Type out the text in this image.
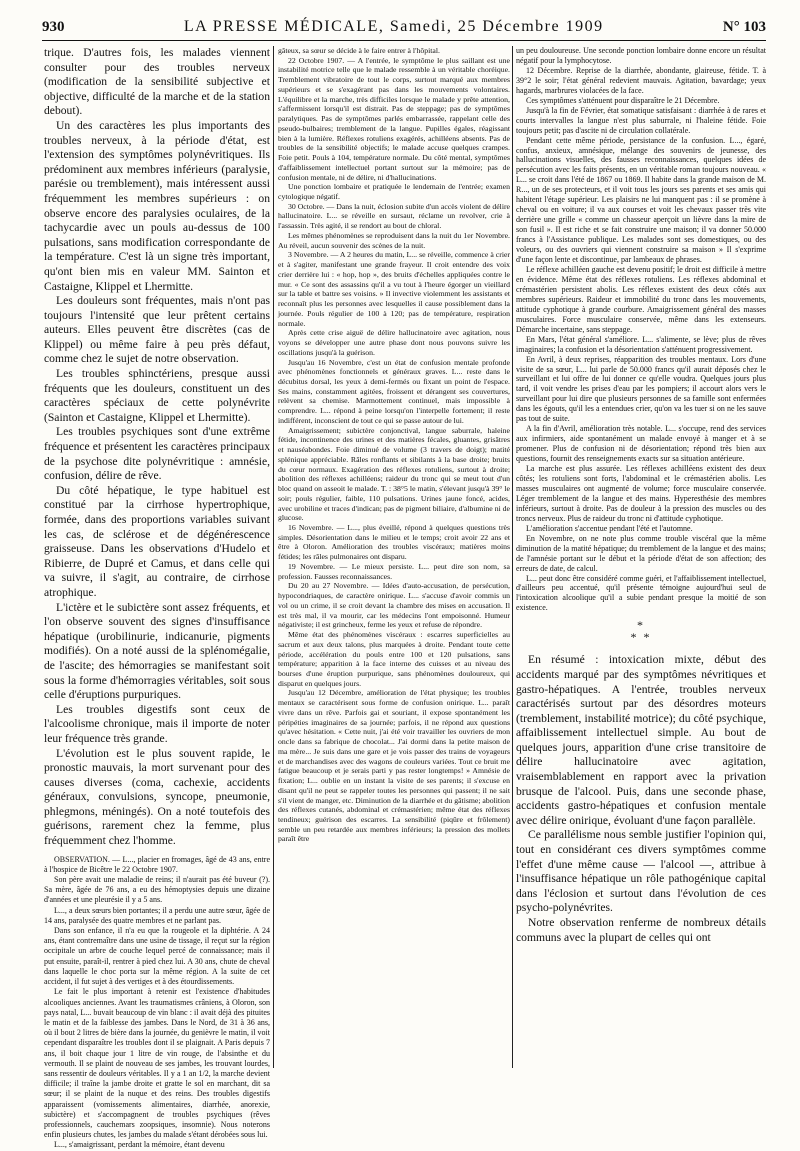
930	LA PRESSE MÉDICALE, Samedi, 25 Décembre 1909	N° 103

trique. D'autres fois, les malades viennent consulter pour des troubles nerveux (modification de la sensibilité subjective et objective, difficulté de la marche et de la station debout).

Un des caractères les plus importants des troubles nerveux, à la période d'état, est l'extension des symptômes polynévritiques. Ils prédominent aux membres inférieurs (paralysie, parésie ou tremblement), mais intéressent aussi fréquemment les membres supérieurs : on observe encore des paralysies oculaires, de la tachycardie avec un pouls au-dessus de 100 pulsations, sans modification correspondante de la température. C'est là un signe très important, qu'ont bien mis en valeur MM. Sainton et Castaigne, Klippel et Lhermitte.

Les douleurs sont fréquentes, mais n'ont pas toujours l'intensité que leur prêtent certains auteurs. Elles peuvent être discrètes (cas de Klippel) ou même faire à peu près défaut, comme chez le sujet de notre observation.

Les troubles sphinctériens, presque aussi fréquents que les douleurs, constituent un des caractères spéciaux de cette polynévrite (Sainton et Castaigne, Klippel et Lhermitte).

Les troubles psychiques sont d'une extrême fréquence et présentent les caractères principaux de la psychose dite polynévritique : amnésie, confusion, délire de rêve.

Du côté hépatique, le type habituel est constitué par la cirrhose hypertrophique, formée, dans des proportions variables suivant les cas, de sclérose et de dégénérescence graisseuse. Dans les observations d'Hudelo et Ribierre, de Dupré et Camus, et dans celle qui va suivre, il s'agit, au contraire, de cirrhose atrophique.

L'ictère et le subictère sont assez fréquents, et l'on observe souvent des signes d'insuffisance hépatique (urobilinurie, indicanurie, pigments modifiés). On a noté aussi de la splénomégalie, de l'ascite; des hémorragies se manifestant soit sous la forme d'hémorragies véritables, soit sous celle d'éruptions purpuriques.

Les troubles digestifs sont ceux de l'alcoolisme chronique, mais il importe de noter leur fréquence très grande.

L'évolution est le plus souvent rapide, le pronostic mauvais, la mort survenant pour des causes diverses (coma, cachexie, accidents généraux, convulsions, syncope, pneumonie, phlegmons, méningés). On a noté toutefois des guérisons, rarement chez la femme, plus fréquemment chez l'homme.

OBSERVATION. — L..., placier en fromages, âgé de 43 ans, entre à l'hospice de Bicêtre le 22 Octobre 1907.

Son père avait une maladie de reins; il n'aurait pas été buveur (?). Sa mère, âgée de 76 ans, a eu des hémoptysies depuis une dizaine d'années et une pleurésie il y a 5 ans.

L..., a deux sœurs bien portantes; il a perdu une autre sœur, âgée de 14 ans, paralysée des quatre membres et ne parlant pas.

Dans son enfance, il n'a eu que la rougeole et la diphtérie. A 24 ans, étant contremaître dans une usine de tissage, il reçut sur la région occipitale un arbre de couche lequel percé de connaissance; mais il put ensuite, paraît-il, rentrer à pied chez lui. A 30 ans, chute de cheval dans laquelle le choc porta sur la même région. A la suite de cet accident, il fut sujet à des vertiges et à des étourdissements.

Le fait le plus important à retenir est l'existence d'habitudes alcooliques anciennes. Avant les traumatismes crâniens, à Oloron, son pays natal, L... buvait beaucoup de vin blanc : il avait déjà des pituites le matin et de la faiblesse des jambes. Dans le Nord, de 31 à 36 ans, où il bout 2 litres de bière dans la journée, du genièvre le matin, il voit cependant disparaître les troubles dont il se plaignait. A Paris depuis 7 ans, il boit chaque jour 1 litre de vin rouge, de l'absinthe et du vermouth. Il se plaint de nouveau de ses jambes, les trouvant lourdes, sans ressentir de douleurs véritables. Il y a 1 an 1/2, la marche devient difficile; il traîne la jambe droite et gratte le sol en marchant, dit sa sœur; il se plaint de la nuque et des reins. Des troubles digestifs apparaissent (vomissements alimentaires, diarrhée, anorexie, subictère) et s'accompagnent de troubles psychiques (rêves professionnels, cauchemars zoopsiques, insomnie). Nous noterons enfin plusieurs chutes, les jambes du malade s'étant dérobées sous lui.

L..., s'amaigrissant, perdant la mémoire, étant devenu

gâteux, sa sœur se décide à le faire entrer à l'hôpital.

22 Octobre 1907. — A l'entrée, le symptôme le plus saillant est une instabilité motrice telle que le malade ressemble à un véritable choréique. Tremblement vibratoire de tout le corps, surtout marqué aux membres supérieurs et se s'exagérant pas dans les mouvements volontaires. L'équilibre et la marche, très difficiles lorsque le malade y prête attention, s'affermissent lorsqu'il est distrait. Pas de steppage; pas de symptômes paralytiques. Pas de symptômes parlés embarrassée, rappelant celle des pseudo-bulbaires; tremblement de la langue. Pupilles égales, réagissant bien à la lumière. Réflexes rotuliens exagérés, achilléens absents. Pas de troubles de la sensibilité objectifs; le malade accuse quelques crampes. Foie petit. Pouls à 104, température normale. Du côté mental, symptômes d'affaiblissement intellectuel portant surtout sur la mémoire; pas de confusion mentale, ni de délire, ni d'hallucinations.

Une ponction lombaire et pratiquée le lendemain de l'entrée; examen cytologique négatif.

30 Octobre. — Dans la nuit, éclosion subite d'un accès violent de délire hallucinatoire. L... se réveille en sursaut, réclame un revolver, crie à l'assassin. Très agité, il se rendort au bout de chloral.

Les mêmes phénomènes se reproduisent dans la nuit du 1er Novembre. Au réveil, aucun souvenir des scènes de la nuit.

3 Novembre. — A 2 heures du matin, L... se réveille, commence à crier et à s'agiter, manifestant une grande frayeur. Il croit entendre des voix crier derrière lui : « hop, hop », des bruits d'échelles appliquées contre le mur. « Ce sont des assassins qu'il a vu tout à l'heure égorger un vieillard sur la table et battre ses voisins. » Il invective violemment les assistants et reconnaît plus les personnes avec lesquelles il cause possiblement dans la journée. Pouls régulier de 100 à 120; pas de température, respiration normale.

Après cette crise aiguë de délire hallucinatoire avec agitation, nous voyons se développer une autre phase dont nous pouvons suivre les oscillations jusqu'à la guérison.

Jusqu'au 16 Novembre, c'est un état de confusion mentale profonde avec phénomènes fonctionnels et généraux graves. L... reste dans le décubitus dorsal, les yeux à demi-fermés ou fixant un point de l'espace. Ses mains, constamment agitées, froissent et dérangent ses couvertures, relèvent sa chemise. Marmottement continuel, mais impossible à comprendre. L... répond à peine lorsqu'on l'interpelle fortement; il reste indifférent, inconscient de tout ce qui se passe autour de lui.

Amaigrissement; subictère conjonctival, langue saburrale, haleine fétide, incontinence des urines et des matières fécales, gluantes, grisâtres et nauséabondes. Foie diminué de volume (3 travers de doigt); matité splénique appréciable. Râles ronflants et sibilants à la base droite; bruits du cœur normaux. Exagération des réflexes rotuliens, surtout à droite; abolition des réflexes achilléens; raideur du tronc qui se meut tout d'un bloc quand on asseoit le malade. T. : 38°5 le matin, s'élevant jusqu'à 39° le soir; pouls régulier, faible, 110 pulsations. Urines jaune foncé, acides, avec urobiline et traces d'indican; pas de pigment biliaire, d'albumine ni de glucose.

16 Novembre. — L..., plus éveillé, répond à quelques questions très simples. Désorientation dans le milieu et le temps; croit avoir 22 ans et être à Oloron. Amélioration des troubles viscéraux; matières moins fétides; les râles pulmonaires ont disparu.

19 Novembre. — Le mieux persiste. L... peut dire son nom, sa profession. Fausses reconnaissances.

Du 20 au 27 Novembre. — Idées d'auto-accusation, de persécution, hypocondriaques, de caractère onirique. L... s'accuse d'avoir commis un vol ou un crime, il se croit devant la chambre des mises en accusation. Il est très mal, il va mourir, car les médecins l'ont empoisonné. Humeur négativiste; il est grincheux, ferme les yeux et refuse de répondre.

Même état des phénomènes viscéraux : escarres superficielles au sacrum et aux deux talons, plus marquées à droite. Pendant toute cette période, accélération du pouls entre 100 et 120 pulsations, sans température; apparition à la face interne des cuisses et au niveau des bourses d'une éruption purpurique, sans phénomènes douloureux, qui disparut en quelques jours.

Jusqu'au 12 Décembre, amélioration de l'état physique; les troubles mentaux se caractérisent sous forme de confusion onirique. L... paraît vivre dans un rêve. Parfois gai et souriant, il expose spontanément les péripéties imaginaires de sa journée; parfois, il ne répond aux questions qu'avec hésitation. « Cette nuit, j'ai été voir travailler les ouvriers de mon oncle dans sa fabrique de chocolat... J'ai dormi dans la petite maison de ma mère... Je suis dans une gare et je vois passer des trains de voyageurs et de marchandises avec des wagons de couleurs variées. Tout ce bruit me fatigue beaucoup et je serais parti y pas rester longtemps! » Amnésie de fixation; L... oublie en un instant la visite de ses parents; il s'excuse en disant qu'il ne peut se rappeler toutes les personnes qui passent; il ne sait s'il vient de manger, etc. Diminution de la diarrhée et du gâtisme; abolition des réflexes cutanés, abdominal et crémastérien; même état des réflexes tendineux; guérison des escarres. La sensibilité (piqûre et frôlement) semble un peu retardée aux membres inférieurs; la pression des mollets paraît être

un peu douloureuse. Une seconde ponction lombaire donne encore un résultat négatif pour la lymphocytose.

12 Décembre. Reprise de la diarrhée, abondante, glaireuse, fétide. T. à 39°2 le soir; l'état général redevient mauvais. Agitation, bavardage; yeux hagards, marbrures violacées de la face.

Ces symptômes s'atténuent pour disparaître le 21 Décembre.

Jusqu'à la fin de Février, état somatique satisfaisant : diarrhée à de rares et courts intervalles la langue n'est plus saburrale, ni l'haleine fétide. Foie toujours petit; pas d'ascite ni de circulation collatérale.

Pendant cette même période, persistance de la confusion. L..., égaré, confus, anxieux, amnésique, mélange des souvenirs de jeunesse, des hallucinations visuelles, des fausses reconnaissances, quelques idées de persécution avec les faits présents, en un véritable roman toujours nouveau. « L... se croit dans l'été de 1867 ou 1869. Il habite dans la grande maison de M. R..., un de ses protecteurs, et il voit tous les jours ses parents et ses amis qui habitent l'étage supérieur. Les plaisirs ne lui manquent pas : il se promène à cheval ou en voiture; il va aux courses et voit les chevaux passer très vite derrière une grille « comme un chasseur aperçoit un lièvre dans la mire de son fusil ». Il est riche et se fait construire une maison; il va donner 50.000 francs à l'Assistance publique. Les malades sont ses domestiques, ou des voleurs, ou des ouvriers qui viennent construire sa maison » Il s'exprime d'une façon lente et discontinue, par lambeaux de phrases.

Le réflexe achilléen gauche est devenu positif; le droit est difficile à mettre en évidence. Même état des réflexes rotuliens. Les réflexes abdominal et crémastérien persistent abolis. Les réflexes existent des deux côtés aux membres supérieurs. Raideur et immobilité du tronc dans les mouvements, attitude cyphotique à grande courbure. Amaigrissement général des masses musculaires. Force musculaire conservée, même dans les extenseurs. Démarche incertaine, sans steppage.

En Mars, l'état général s'améliore. L... s'alimente, se lève; plus de rêves imaginaires; la confusion et la désorientation s'atténuent progressivement.

En Avril, à deux reprises, réapparition des troubles mentaux. Lors d'une visite de sa sœur, L... lui parle de 50.000 francs qu'il aurait déposés chez le surveillant et lui offre de lui donner ce qu'elle voudra. Quelques jours plus tard, il voit vendre les prises d'eau par les pompiers; il accourt alors vers le surveillant pour lui dire que plusieurs personnes de sa famille sont enfermées dans les égouts, qu'il les a entendues crier, qu'on va les tuer si on ne les sauve pas tout de suite.

A la fin d'Avril, amélioration très notable. L... s'occupe, rend des services aux infirmiers, aide spontanément un malade envoyé à manger et à se promener. Plus de confusion ni de désorientation; répond très bien aux questions, fournit des renseignements exacts sur sa situation antérieure.

La marche est plus assurée. Les réflexes achilléens existent des deux côtés; les rotuliens sont forts, l'abdominal et le crémastérien abolis. Les masses musculaires ont augmenté de volume; force musculaire conservée. Léger tremblement de la langue et des mains. Hyperesthésie des membres inférieurs, surtout à droite. Pas de douleur à la pression des muscles ou des troncs nerveux. Plus de raideur du tronc ni d'attitude cyphotique.

L'amélioration s'accentue pendant l'été et l'automne.

En Novembre, on ne note plus comme trouble viscéral que la même diminution de la matité hépatique; du tremblement de la langue et des mains; de l'amnésie portant sur le début et la période d'état de son affection; des erreurs de date, de calcul.

L... peut donc être considéré comme guéri, et l'affaiblissement intellectuel, d'ailleurs peu accentué, qu'il présente témoigne aujourd'hui seul de l'intoxication alcoolique qu'il a subie pendant presque la moitié de son existence.

*
* *

En résumé : intoxication mixte, début des accidents marqué par des symptômes névritiques et gastro-hépatiques. A l'entrée, troubles nerveux caractérisés surtout par des désordres moteurs (tremblement, instabilité motrice); du côté psychique, affaiblissement intellectuel simple. Au bout de quelques jours, apparition d'une crise transitoire de délire hallucinatoire avec agitation, vraisemblablement en rapport avec la privation brusque de l'alcool. Puis, dans une seconde phase, accidents gastro-hépatiques et confusion mentale avec délire onirique, évoluant d'une façon parallèle.

Ce parallélisme nous semble justifier l'opinion qui, tout en considérant ces divers symptômes comme l'effet d'une même cause — l'alcool —, attribue à l'insuffisance hépatique un rôle pathogénique capital dans l'éclosion et surtout dans l'évolution de ces psycho-polynévrites.

Notre observation renferme de nombreux détails communs avec la plupart de celles qui ont
